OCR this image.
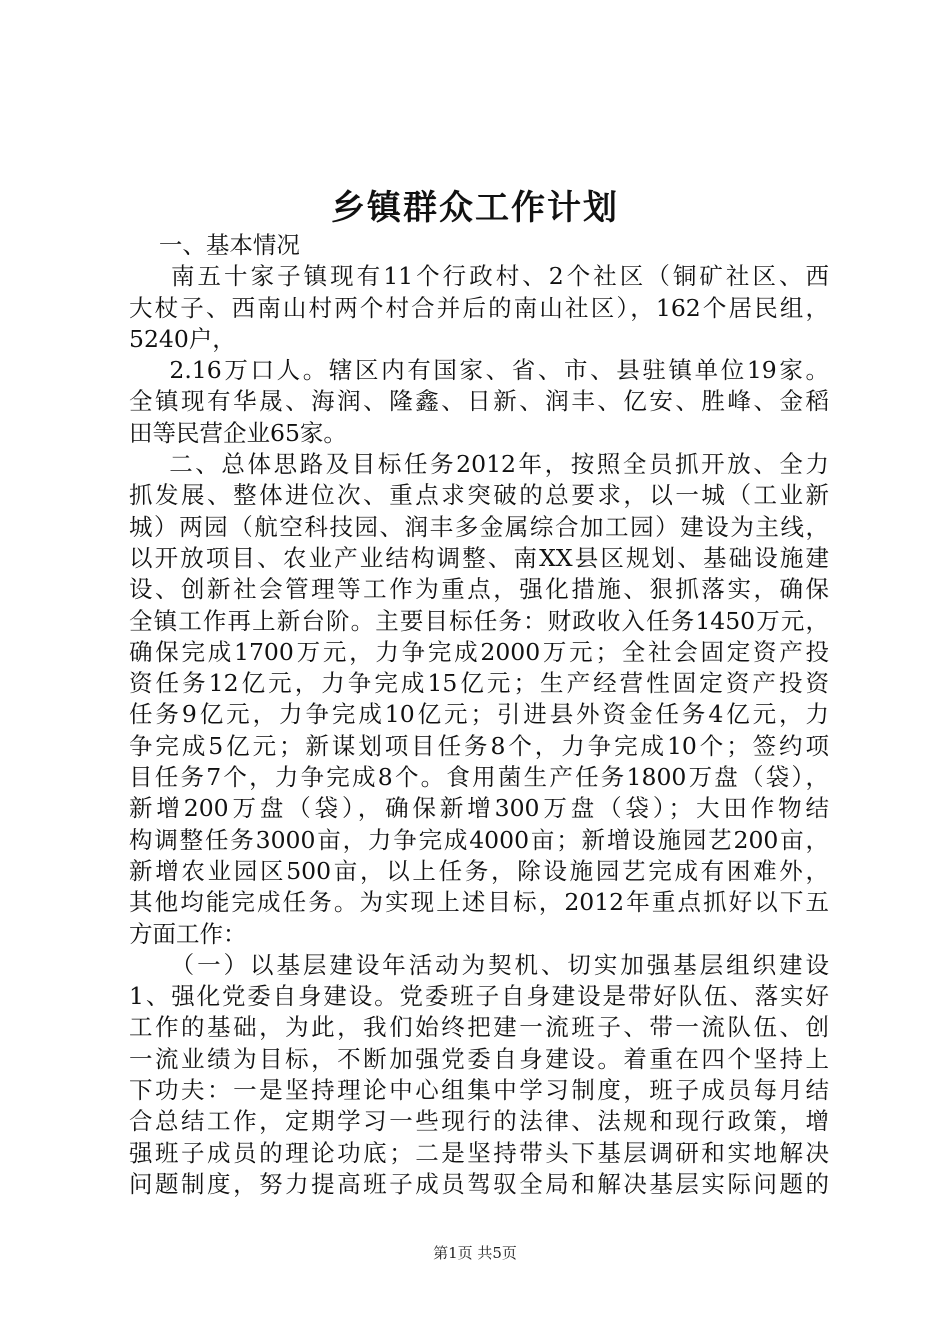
乡镇群众工作计划
一、基本情况
南五十家子镇现有11个行政村、2个社区（铜矿社区、西
大杖子、西南山村两个村合并后的南山社区），162个居民组，
5240户，
2.16万口人。辖区内有国家、省、市、县驻镇单位19家。
全镇现有华晟、海润、隆鑫、日新、润丰、亿安、胜峰、金稻
田等民营企业65家。
二、总体思路及目标任务2012年，按照全员抓开放、全力
抓发展、整体进位次、重点求突破的总要求，以一城（工业新
城）两园（航空科技园、润丰多金属综合加工园）建设为主线，
以开放项目、农业产业结构调整、南XX县区规划、基础设施建
设、创新社会管理等工作为重点，强化措施、狠抓落实，确保
全镇工作再上新台阶。主要目标任务：财政收入任务1450万元，
确保完成1700万元，力争完成2000万元；全社会固定资产投
资任务12亿元，力争完成15亿元；生产经营性固定资产投资
任务9亿元，力争完成10亿元；引进县外资金任务4亿元，力
争完成5亿元；新谋划项目任务8个，力争完成10个；签约项
目任务7个，力争完成8个。食用菌生产任务1800万盘（袋），
新增200万盘（袋），确保新增300万盘（袋）；大田作物结
构调整任务3000亩，力争完成4000亩；新增设施园艺200亩，
新增农业园区500亩，以上任务，除设施园艺完成有困难外，
其他均能完成任务。为实现上述目标，2012年重点抓好以下五
方面工作：
（一）以基层建设年活动为契机、切实加强基层组织建设
1、强化党委自身建设。党委班子自身建设是带好队伍、落实好
工作的基础，为此，我们始终把建一流班子、带一流队伍、创
一流业绩为目标，不断加强党委自身建设。着重在四个坚持上
下功夫：一是坚持理论中心组集中学习制度，班子成员每月结
合总结工作，定期学习一些现行的法律、法规和现行政策，增
强班子成员的理论功底；二是坚持带头下基层调研和实地解决
问题制度，努力提高班子成员驾驭全局和解决基层实际问题的
第1页 共5页
